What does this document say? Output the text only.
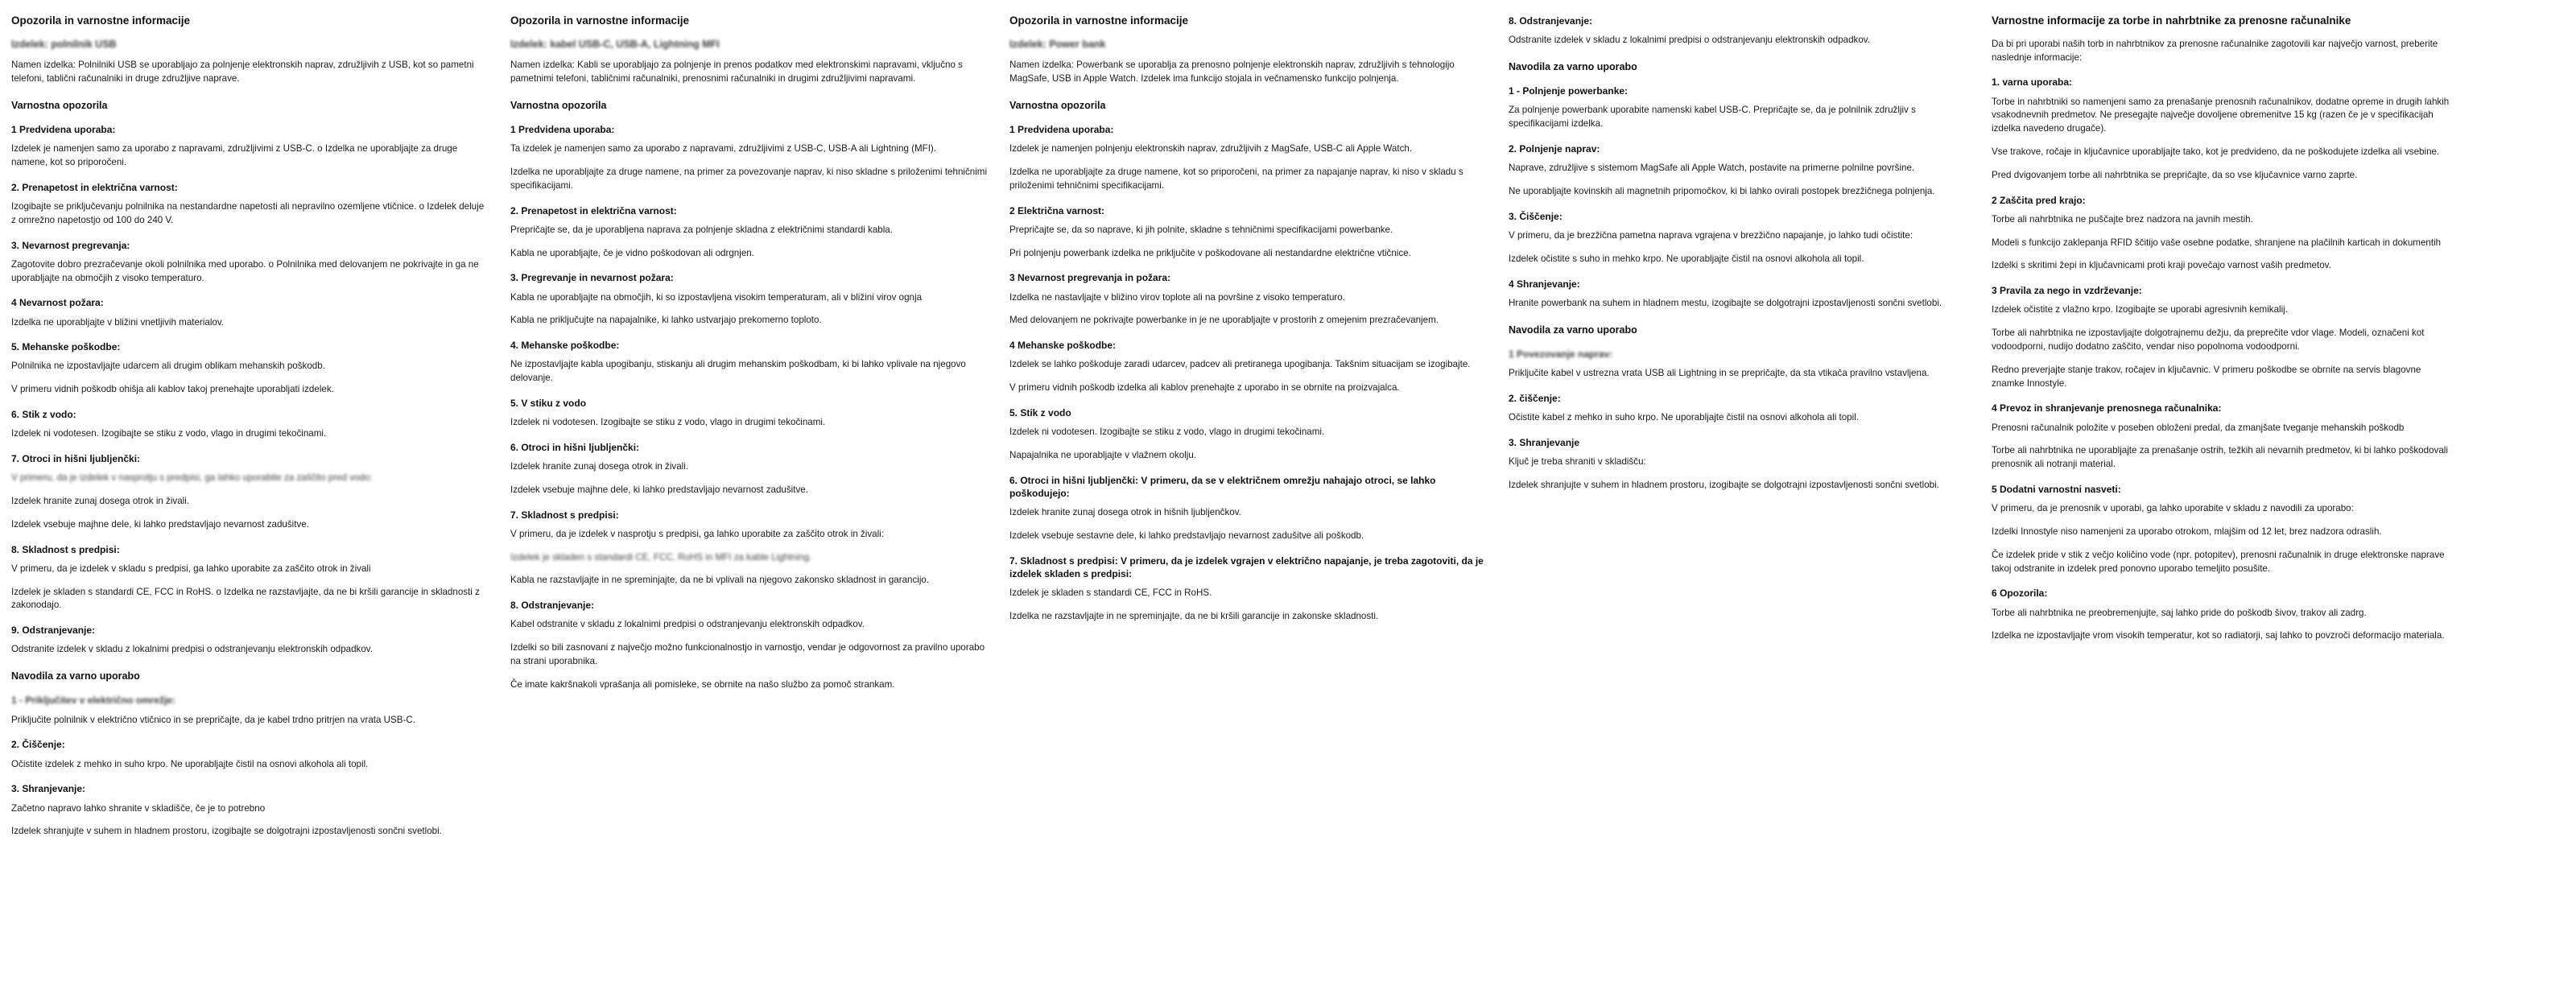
Opozorila in varnostne informacije
Izdelek: polnilnik USB

Namen izdelka: Polnilniki USB se uporabljajo za polnjenje elektronskih naprav, združljivih z USB, kot so pametni telefoni, tablični računalniki in druge združljive naprave.

Varnostna opozorila
1 Predvidena uporaba:

Izdelek je namenjen samo za uporabo z napravami, združljivimi z USB-C. o Izdelka ne uporabljajte za druge namene, kot so priporočeni.

2. Prenapetost in električna varnost:

Izogibajte se priključevanju polnilnika na nestandardne napetosti ali nepravilno ozemljene vtičnice. o Izdelek deluje z omrežno napetostjo od 100 do 240 V.

3. Nevarnost pregrevanja:

Zagotovite dobro prezračevanje okoli polnilnika med uporabo. o Polnilnika med delovanjem ne pokrivajte in ga ne uporabljajte na območjih z visoko temperaturo.

4 Nevarnost požara:

Izdelka ne uporabljajte v bližini vnetljivih materialov.

5. Mehanske poškodbe:

Polnilnika ne izpostavljajte udarcem ali drugim oblikam mehanskih poškodb.

V primeru vidnih poškodb ohišja ali kablov takoj prenehajte uporabljati izdelek.

6. Stik z vodo:

Izdelek ni vodotesen. Izogibajte se stiku z vodo, vlago in drugimi tekočinami.

7. Otroci in hišni ljubljenčki:

V primeru, da je izdelek v nasprotju s predpisi, ga lahko uporabite za zaščito pred vodo:

Izdelek hranite zunaj dosega otrok in živali.

Izdelek vsebuje majhne dele, ki lahko predstavljajo nevarnost zadušitve.

8. Skladnost s predpisi:

V primeru, da je izdelek v skladu s predpisi, ga lahko uporabite za zaščito otrok in živali

Izdelek je skladen s standardi CE, FCC in RoHS. o Izdelka ne razstavljajte, da ne bi kršili garancije in skladnosti z zakonodajo.

9. Odstranjevanje:

Odstranite izdelek v skladu z lokalnimi predpisi o odstranjevanju elektronskih odpadkov.

Navodila za varno uporabo
1 - Priključitev v električno omrežje:

Priključite polnilnik v električno vtičnico in se prepričajte, da je kabel trdno pritrjen na vrata USB-C.

2. Čiščenje:

Očistite izdelek z mehko in suho krpo. Ne uporabljajte čistil na osnovi alkohola ali topil.

3. Shranjevanje:

Začetno napravo lahko shranite v skladišče, če je to potrebno

Izdelek shranjujte v suhem in hladnem prostoru, izogibajte se dolgotrajni izpostavljenosti sončni svetlobi.

Opozorila in varnostne informacije
Izdelek: kabel USB-C, USB-A, Lightning MFI

Namen izdelka: Kabli se uporabljajo za polnjenje in prenos podatkov med elektronskimi napravami, vključno s pametnimi telefoni, tabličnimi računalniki, prenosnimi računalniki in drugimi združljivimi napravami.

Varnostna opozorila
1 Predvidena uporaba:

Ta izdelek je namenjen samo za uporabo z napravami, združljivimi z USB-C, USB-A ali Lightning (MFI).

Izdelka ne uporabljajte za druge namene, na primer za povezovanje naprav, ki niso skladne s priloženimi tehničnimi specifikacijami.

2. Prenapetost in električna varnost:

Prepričajte se, da je uporabljena naprava za polnjenje skladna z električnimi standardi kabla.

Kabla ne uporabljajte, če je vidno poškodovan ali odrgnjen.

3. Pregrevanje in nevarnost požara:

Kabla ne uporabljajte na območjih, ki so izpostavljena visokim temperaturam, ali v bližini virov ognja

Kabla ne priključujte na napajalnike, ki lahko ustvarjajo prekomerno toploto.

4. Mehanske poškodbe:

Ne izpostavljajte kabla upogibanju, stiskanju ali drugim mehanskim poškodbam, ki bi lahko vplivale na njegovo delovanje.

5. V stiku z vodo

Izdelek ni vodotesen. Izogibajte se stiku z vodo, vlago in drugimi tekočinami.

6. Otroci in hišni ljubljenčki:

Izdelek hranite zunaj dosega otrok in živali.

Izdelek vsebuje majhne dele, ki lahko predstavljajo nevarnost zadušitve.

7. Skladnost s predpisi:

V primeru, da je izdelek v nasprotju s predpisi, ga lahko uporabite za zaščito otrok in živali:

Izdelek je skladen s standardi CE, FCC, RoHS in MFI za kable Lightning.

Kabla ne razstavljajte in ne spreminjajte, da ne bi vplivali na njegovo zakonsko skladnost in garancijo.

8. Odstranjevanje:

Kabel odstranite v skladu z lokalnimi predpisi o odstranjevanju elektronskih odpadkov.

Izdelki so bili zasnovani z največjo možno funkcionalnostjo in varnostjo, vendar je odgovornost za pravilno uporabo na strani uporabnika.

Če imate kakršnakoli vprašanja ali pomisleke, se obrnite na našo službo za pomoč strankam.

Opozorila in varnostne informacije
Izdelek: Power bank

Namen izdelka: Powerbank se uporablja za prenosno polnjenje elektronskih naprav, združljivih s tehnologijo MagSafe, USB in Apple Watch. Izdelek ima funkcijo stojala in večnamensko funkcijo polnjenja.

Varnostna opozorila
1 Predvidena uporaba:

Izdelek je namenjen polnjenju elektronskih naprav, združljivih z MagSafe, USB-C ali Apple Watch.

Izdelka ne uporabljajte za druge namene, kot so priporočeni, na primer za napajanje naprav, ki niso v skladu s priloženimi tehničnimi specifikacijami.

2 Električna varnost:

Prepričajte se, da so naprave, ki jih polnite, skladne s tehničnimi specifikacijami powerbanke.

Pri polnjenju powerbank izdelka ne priključite v poškodovane ali nestandardne električne vtičnice.

3 Nevarnost pregrevanja in požara:

Izdelka ne nastavljajte v bližino virov toplote ali na površine z visoko temperaturo.

Med delovanjem ne pokrivajte powerbanke in je ne uporabljajte v prostorih z omejenim prezračevanjem.

4 Mehanske poškodbe:

Izdelek se lahko poškoduje zaradi udarcev, padcev ali pretiranega upogibanja. Takšnim situacijam se izogibajte.

V primeru vidnih poškodb izdelka ali kablov prenehajte z uporabo in se obrnite na proizvajalca.

5. Stik z vodo

Izdelek ni vodotesen. Izogibajte se stiku z vodo, vlago in drugimi tekočinami.

Napajalnika ne uporabljajte v vlažnem okolju.

6. Otroci in hišni ljubljenčki: V primeru, da se v električnem omrežju nahajajo otroci, se lahko poškodujejo:

Izdelek hranite zunaj dosega otrok in hišnih ljubljenčkov.

Izdelek vsebuje sestavne dele, ki lahko predstavljajo nevarnost zadušitve ali poškodb.

7. Skladnost s predpisi: V primeru, da je izdelek vgrajen v električno napajanje, je treba zagotoviti, da je izdelek skladen s predpisi:

Izdelek je skladen s standardi CE, FCC in RoHS.

Izdelka ne razstavljajte in ne spreminjajte, da ne bi kršili garancije in zakonske skladnosti.

8. Odstranjevanje:

Odstranite izdelek v skladu z lokalnimi predpisi o odstranjevanju elektronskih odpadkov.

Navodila za varno uporabo
1 - Polnjenje powerbanke:

Za polnjenje powerbank uporabite namenski kabel USB-C. Prepričajte se, da je polnilnik združljiv s specifikacijami izdelka.

2. Polnjenje naprav:

Naprave, združljive s sistemom MagSafe ali Apple Watch, postavite na primerne polnilne površine.

Ne uporabljajte kovinskih ali magnetnih pripomočkov, ki bi lahko ovirali postopek brezžičnega polnjenja.

3. Čiščenje:

V primeru, da je brezžična pametna naprava vgrajena v brezžično napajanje, jo lahko tudi očistite:

Izdelek očistite s suho in mehko krpo. Ne uporabljajte čistil na osnovi alkohola ali topil.

4 Shranjevanje:

Hranite powerbank na suhem in hladnem mestu, izogibajte se dolgotrajni izpostavljenosti sončni svetlobi.

Navodila za varno uporabo
1 Povezovanje naprav:

Priključite kabel v ustrezna vrata USB ali Lightning in se prepričajte, da sta vtikača pravilno vstavljena.

2. čiščenje:

Očistite kabel z mehko in suho krpo. Ne uporabljajte čistil na osnovi alkohola ali topil.

3. Shranjevanje

Ključ je treba shraniti v skladišču:

Izdelek shranjujte v suhem in hladnem prostoru, izogibajte se dolgotrajni izpostavljenosti sončni svetlobi.

Varnostne informacije za torbe in nahrbtnike za prenosne računalnike

Da bi pri uporabi naših torb in nahrbtnikov za prenosne računalnike zagotovili kar največjo varnost, preberite naslednje informacije:

1. varna uporaba:

Torbe in nahrbtniki so namenjeni samo za prenašanje prenosnih računalnikov, dodatne opreme in drugih lahkih vsakodnevnih predmetov. Ne presegajte največje dovoljene obremenitve 15 kg (razen če je v specifikacijah izdelka navedeno drugače).

Vse trakove, ročaje in ključavnice uporabljajte tako, kot je predvideno, da ne poškodujete izdelka ali vsebine.

Pred dvigovanjem torbe ali nahrbtnika se prepričajte, da so vse ključavnice varno zaprte.

2 Zaščita pred krajo:

Torbe ali nahrbtnika ne puščajte brez nadzora na javnih mestih.

Modeli s funkcijo zaklepanja RFID ščitijo vaše osebne podatke, shranjene na plačilnih karticah in dokumentih

Izdelki s skritimi žepi in ključavnicami proti kraji povečajo varnost vaših predmetov.

3 Pravila za nego in vzdrževanje:

Izdelek očistite z vlažno krpo. Izogibajte se uporabi agresivnih kemikalij.

Torbe ali nahrbtnika ne izpostavljajte dolgotrajnemu dežju, da preprečite vdor vlage. Modeli, označeni kot vodoodporni, nudijo dodatno zaščito, vendar niso popolnoma vodoodporni.

Redno preverjajte stanje trakov, ročajev in ključavnic. V primeru poškodbe se obrnite na servis blagovne znamke Innostyle.

4 Prevoz in shranjevanje prenosnega računalnika:

Prenosni računalnik položite v poseben obloženi predal, da zmanjšate tveganje mehanskih poškodb

Torbe ali nahrbtnika ne uporabljajte za prenašanje ostrih, težkih ali nevarnih predmetov, ki bi lahko poškodovali prenosnik ali notranji material.

5 Dodatni varnostni nasveti:

V primeru, da je prenosnik v uporabi, ga lahko uporabite v skladu z navodili za uporabo:

Izdelki Innostyle niso namenjeni za uporabo otrokom, mlajšim od 12 let, brez nadzora odraslih.

Če izdelek pride v stik z večjo količino vode (npr. potopitev), prenosni računalnik in druge elektronske naprave takoj odstranite in izdelek pred ponovno uporabo temeljito posušite.

6 Opozorila:

Torbe ali nahrbtnika ne preobremenjujte, saj lahko pride do poškodb šivov, trakov ali zadrg.

Izdelka ne izpostavljajte vrom visokih temperatur, kot so radiatorji, saj lahko to povzroči deformacijo materiala.
